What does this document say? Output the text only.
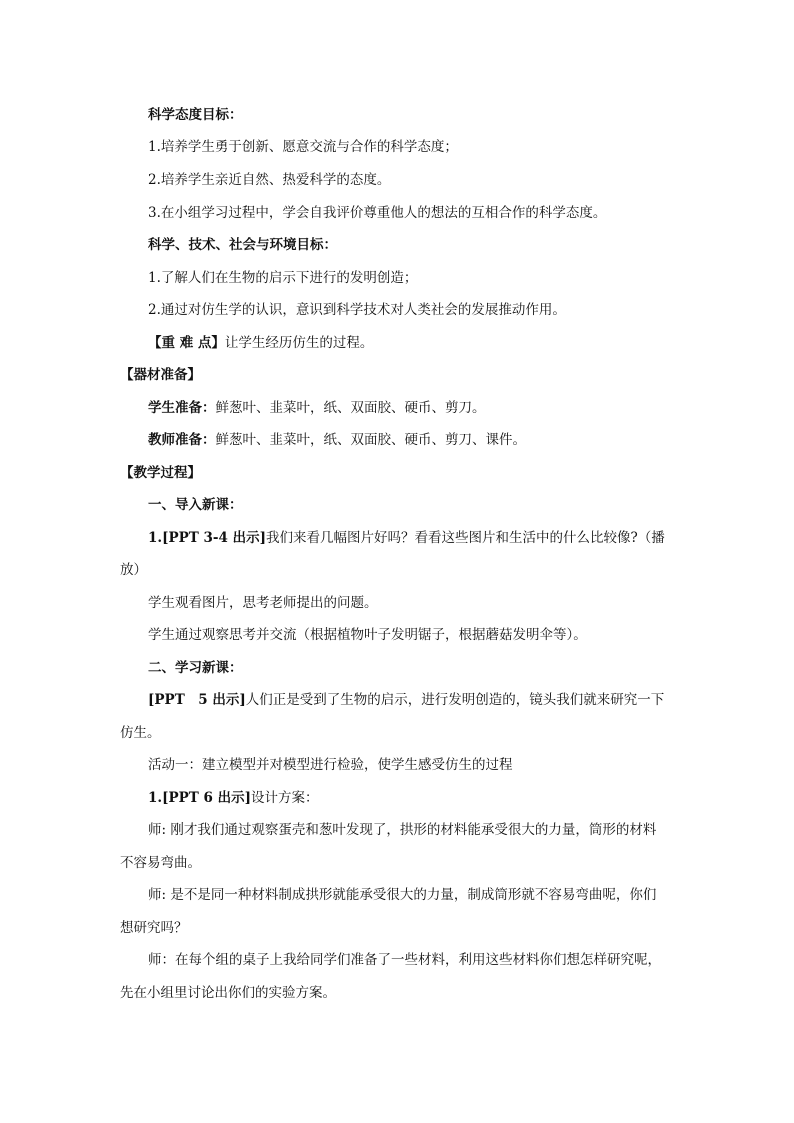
科学态度目标：
1.培养学生勇于创新、愿意交流与合作的科学态度；
2.培养学生亲近自然、热爱科学的态度。
3.在小组学习过程中，学会自我评价尊重他人的想法的互相合作的科学态度。
科学、技术、社会与环境目标：
1.了解人们在生物的启示下进行的发明创造；
2.通过对仿生学的认识，意识到科学技术对人类社会的发展推动作用。
【重 难 点】让学生经历仿生的过程。
【器材准备】
学生准备：鲜葱叶、韭菜叶，纸、双面胶、硬币、剪刀。
教师准备：鲜葱叶、韭菜叶，纸、双面胶、硬币、剪刀、课件。
【教学过程】
一、导入新课：
1.[PPT 3-4 出示]我们来看几幅图片好吗？看看这些图片和生活中的什么比较像?（播
放）
学生观看图片，思考老师提出的问题。
学生通过观察思考并交流（根据植物叶子发明锯子，根据蘑菇发明伞等）。
二、学习新课：
[PPT　5 出示]人们正是受到了生物的启示，进行发明创造的，镜头我们就来研究一下
仿生。
活动一：建立模型并对模型进行检验，使学生感受仿生的过程
1.[PPT 6 出示]设计方案：
师: 刚才我们通过观察蛋壳和葱叶发现了，拱形的材料能承受很大的力量，筒形的材料
不容易弯曲。
师: 是不是同一种材料制成拱形就能承受很大的力量，制成筒形就不容易弯曲呢，你们
想研究吗？
师：在每个组的桌子上我给同学们准备了一些材料，利用这些材料你们想怎样研究呢，
先在小组里讨论出你们的实验方案。
